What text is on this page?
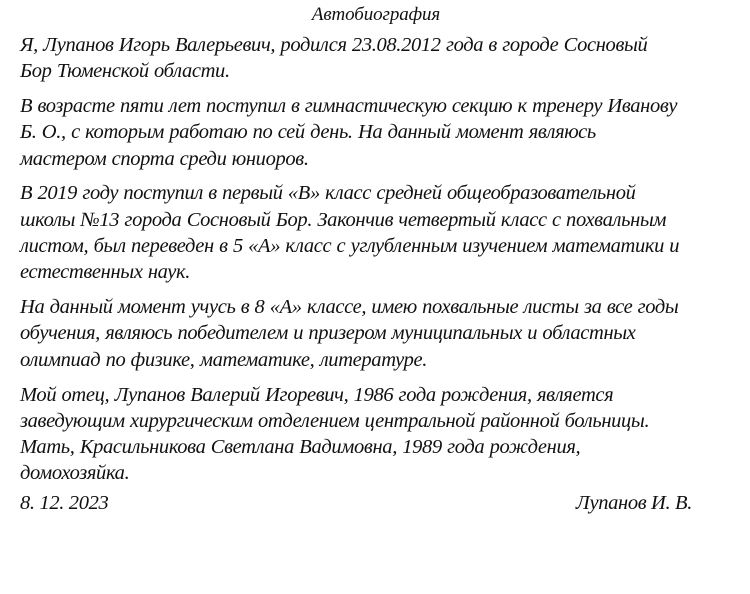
Автобиография
Я, Лупанов Игорь Валерьевич, родился 23.08.2012 года в городе Сосновый
Бор Тюменской области.
В возрасте пяти лет поступил в гимнастическую секцию к тренеру Иванову
Б. О., с которым работаю по сей день. На данный момент являюсь
мастером спорта среди юниоров.
В 2019 году поступил в первый «В» класс средней общеобразовательной
школы №13 города Сосновый Бор. Закончив четвертый класс с похвальным
листом, был переведен в 5 «А» класс с углубленным изучением математики и
естественных наук.
На данный момент учусь в 8 «А» классе, имею похвальные листы за все годы
обучения, являюсь победителем и призером муниципальных и областных
олимпиад по физике, математике, литературе.
Мой отец, Лупанов Валерий Игоревич, 1986 года рождения, является
заведующим хирургическим отделением центральной районной больницы.
Мать, Красильникова Светлана Вадимовна, 1989 года рождения,
домохозяйка.
8. 12. 2023	Лупанов И. В.
